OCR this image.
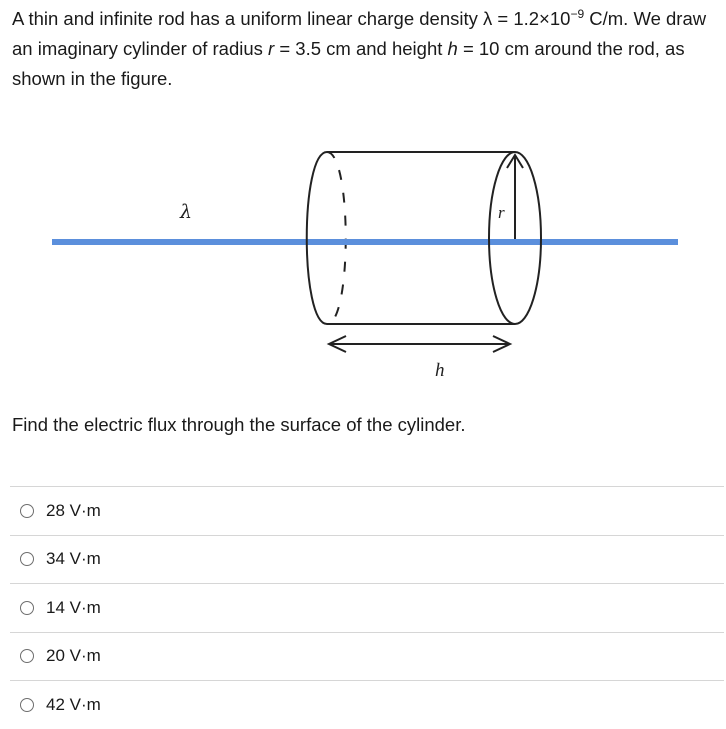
A thin and infinite rod has a uniform linear charge density $\lambda = 1.2\times 10^{-9}$ C/m. We draw an imaginary cylinder of radius r = 3.5 cm and height h = 10 cm around the rod, as shown in the figure.
λ	r
h
Find the electric flux through the surface of the cylinder.
28 V·m
34 V·m
14 V·m
20 V·m
42 V·m
